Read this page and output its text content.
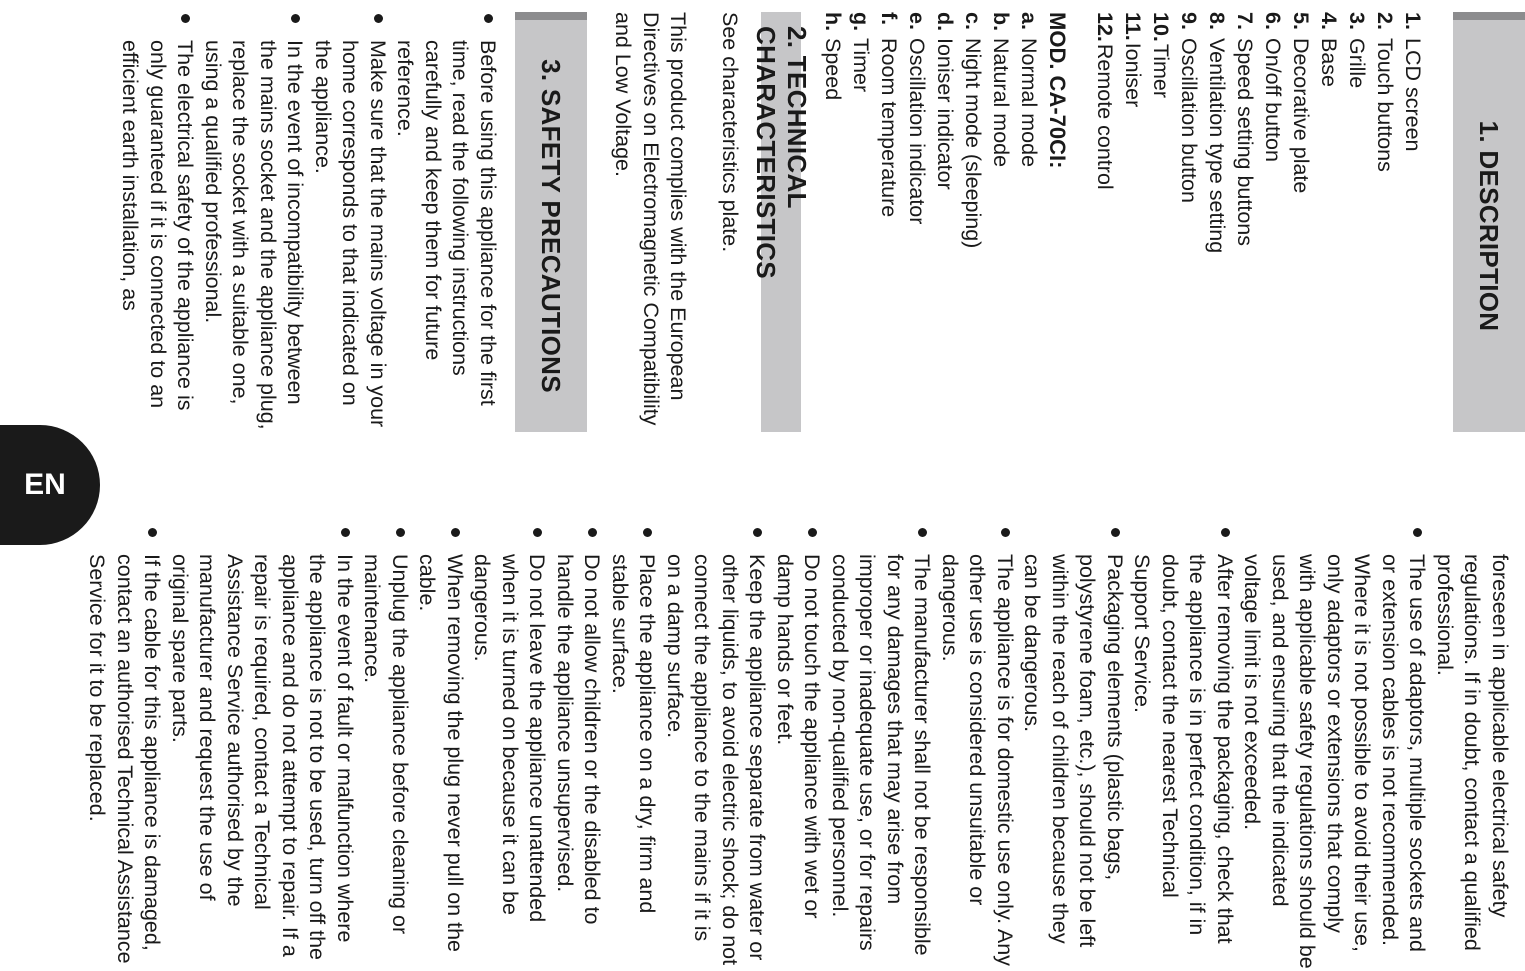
1. DESCRIPTION
1.LCD screen
2.Touch buttons
3.Grille
4.Base
5.Decorative plate
6.On/off button
7.Speed setting buttons
8.Ventilation type setting
9.Oscillation button
10.Timer
11.Ioniser
12.Remote control
MOD. CA-70CI:
a.Normal mode
b.Natural mode
c.Night mode (sleeping)
d.Ioniser indicator
e.Oscillation indicator
f.Room temperature
g.Timer
h.Speed
2. TECHNICAL CHARACTERISTICS
See characteristics plate.
This product complies with the European Directives on Electromagnetic Compatibility and Low Voltage.
3. SAFETY PRECAUTIONS
Before using this appliance for the first time, read the following instructions carefully and keep them for future reference.
Make sure that the mains voltage in your home corresponds to that indicated on the appliance.
In the event of incompatibility between the mains socket and the appliance plug, replace the socket with a suitable one, using a qualified professional.
The electrical safety of the appliance is only guaranteed if it is connected to an efficient earth installation, as
foreseen in applicable electrical safety regulations. If in doubt, contact a qualified professional.
The use of adaptors, multiple sockets and or extension cables is not recommended. Where it is not possible to avoid their use, only adaptors or extensions that comply with applicable safety regulations should be used, and ensuring that the indicated voltage limit is not exceeded.
After removing the packaging, check that the appliance is in perfect condition, if in doubt, contact the nearest Technical Support Service.
Packaging elements (plastic bags, polystyrene foam, etc.), should not be left within the reach of children because they can be dangerous.
The appliance is for domestic use only. Any other use is considered unsuitable or dangerous.
The manufacturer shall not be responsible for any damages that may arise from improper or inadequate use, or for repairs conducted by non-qualified personnel.
Do not touch the appliance with wet or damp hands or feet.
Keep the appliance separate from water or other liquids, to avoid electric shock; do not connect the appliance to the mains if it is on a damp surface.
Place the appliance on a dry, firm and stable surface.
Do not allow children or the disabled to handle the appliance unsupervised.
Do not leave the appliance unattended when it is turned on because it can be dangerous.
When removing the plug never pull on the cable.
Unplug the appliance before cleaning or maintenance.
In the event of fault or malfunction where the appliance is not to be used, turn off the appliance and do not attempt to repair. If a repair is required, contact a Technical Assistance Service authorised by the manufacturer and request the use of original spare parts.
If the cable for this appliance is damaged, contact an authorised Technical Assistance Service for it to be replaced.
EN
